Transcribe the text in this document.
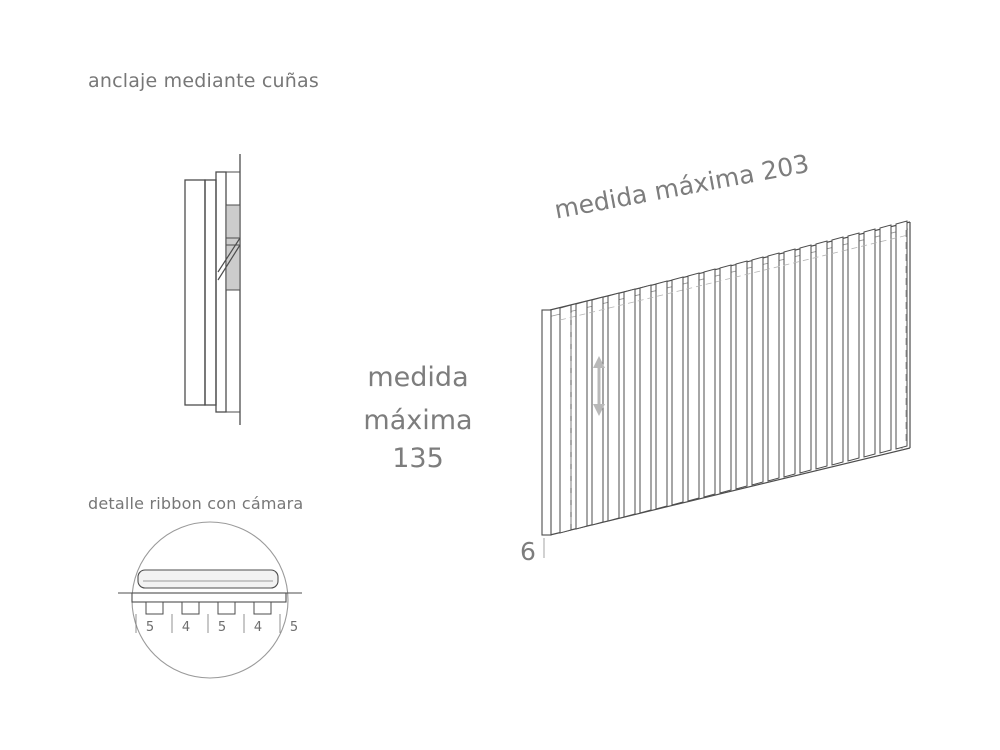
anclaje mediante cuñas
detalle ribbon con cámara
5 4 5 4 5
medida máxima 203
medida
máxima
135
6
